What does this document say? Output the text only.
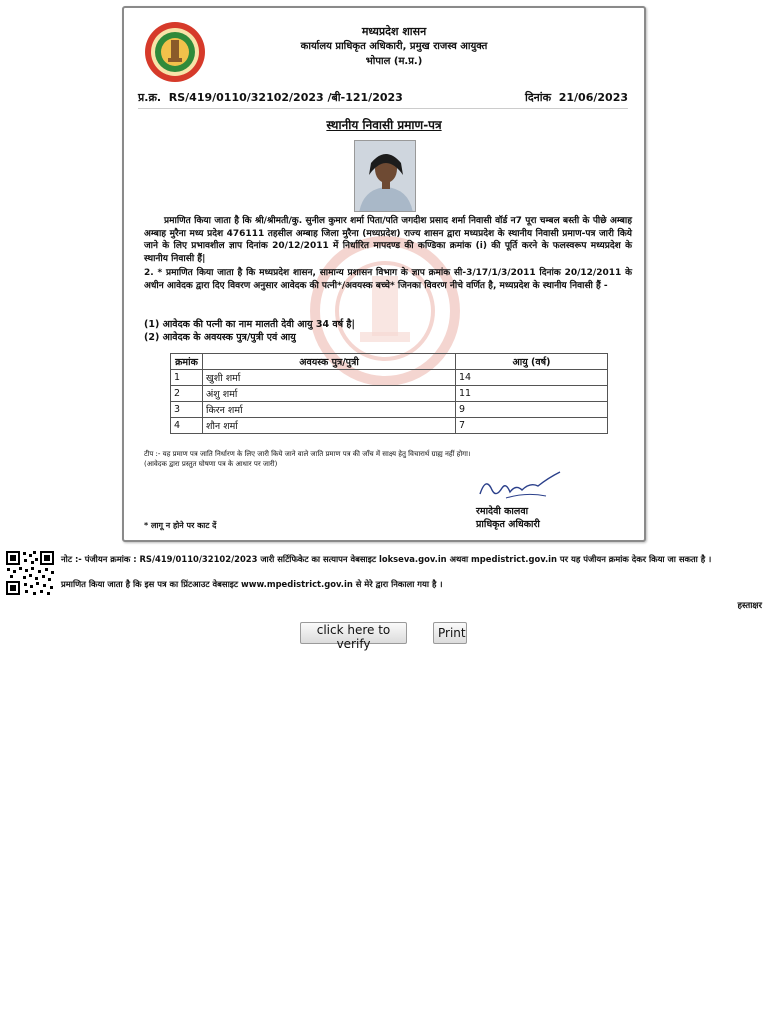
मध्यप्रदेश शासन
कार्यालय प्राधिकृत अधिकारी, प्रमुख राजस्व आयुक्त
भोपाल (म.प्र.)
प्र.क्र. RS/419/0110/32102/2023 /बी-121/2023	दिनांक 21/06/2023
स्थानीय निवासी प्रमाण-पत्र
प्रमाणित किया जाता है कि श्री/श्रीमती/कु. सुनील कुमार शर्मा पिता/पति जगदीश प्रसाद शर्मा निवासी वॉर्ड न7 पूरा चम्बल बस्ती के पीछे अम्बाह अम्बाह मुरैना मध्य प्रदेश 476111 तहसील अम्बाह जिला मुरैना (मध्यप्रदेश) राज्य शासन द्वारा मध्यप्रदेश के स्थानीय निवासी प्रमाण-पत्र जारी किये जाने के लिए प्रभावशील ज्ञाप दिनांक 20/12/2011 में निर्धारित मापदण्ड की कण्डिका क्रमांक (i) की पूर्ति करने के फलस्वरूप मध्यप्रदेश के स्थानीय निवासी हैं|
2. * प्रमाणित किया जाता है कि मध्यप्रदेश शासन, सामान्य प्रशासन विभाग के ज्ञाप क्रमांक सी-3/17/1/3/2011 दिनांक 20/12/2011 के अधीन आवेदक द्वारा दिए विवरण अनुसार आवेदक की पत्नी*/अवयस्क बच्चे* जिनका विवरण नीचे वर्णित है, मध्यप्रदेश के स्थानीय निवासी हैं -
(1) आवेदक की पत्नी का नाम मालती देवी आयु 34 वर्ष है|
(2) आवेदक के अवयस्क पुत्र/पुत्री एवं आयु
क्रमांक	अवयस्क पुत्र/पुत्री	आयु (वर्ष)
1	खुशी शर्मा	14
2	अंशु शर्मा	11
3	किरन शर्मा	9
4	शौन शर्मा	7
टीप :- यह प्रमाण पत्र जाति निर्धारण के लिए जारी किये जाने वाले जाति प्रमाण पत्र की जाँच में साक्ष्य हेतु विचारार्थ ग्राह्य नहीं होगा।
(आवेदक द्वारा प्रस्तुत घोषणा पत्र के आधार पर जारी)
रमादेवी कालवा
प्राधिकृत अधिकारी
* लागू न होने पर काट दें
नोट :- पंजीयन क्रमांक : RS/419/0110/32102/2023 जारी सर्टिफिकेट का सत्यापन वेबसाइट lokseva.gov.in अथवा mpedistrict.gov.in पर यह पंजीयन क्रमांक देकर किया जा सकता है ।
प्रमाणित किया जाता है कि इस पत्र का प्रिंटआउट वेबसाइट www.mpedistrict.gov.in से मेरे द्वारा निकाला गया है ।
हस्ताक्षर
click here to verify
Print
